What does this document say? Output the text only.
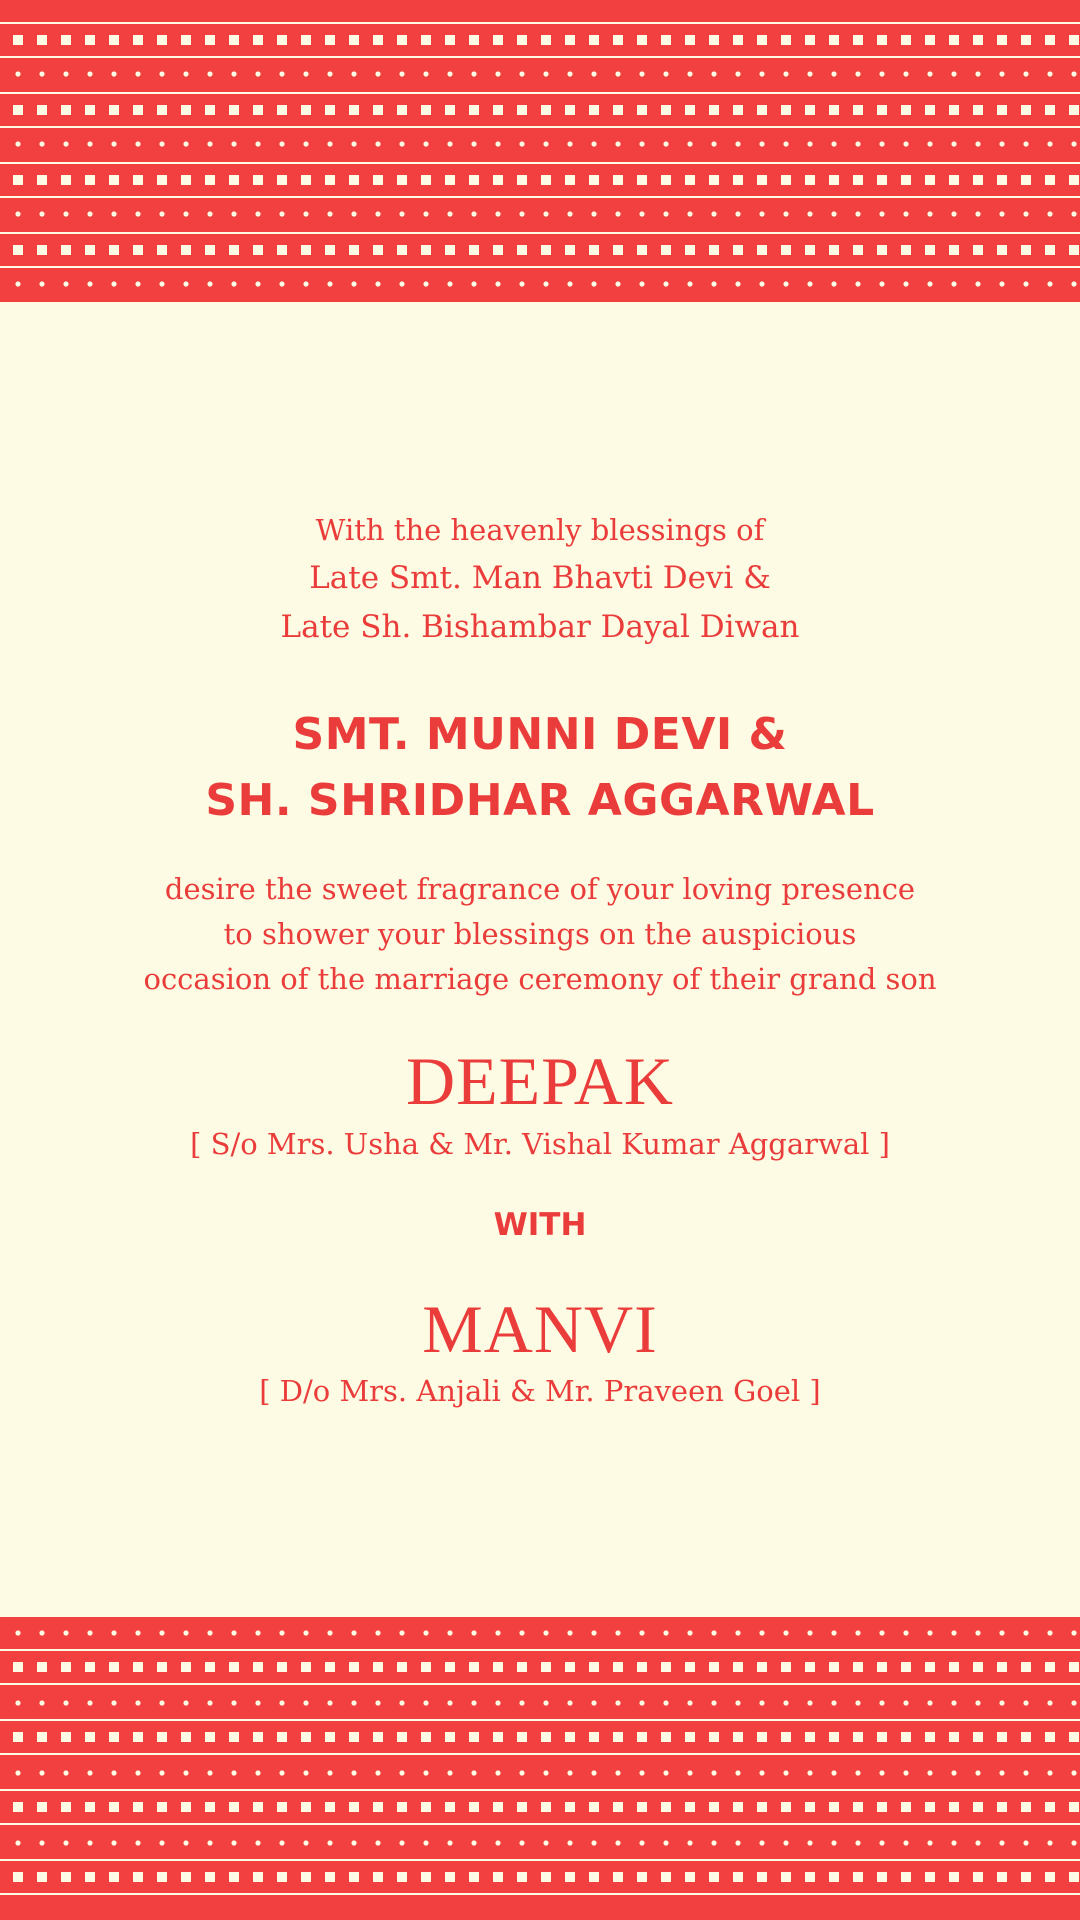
With the heavenly blessings of

Late Smt. Man Bhavti Devi &

Late Sh. Bishambar Dayal Diwan

SMT. MUNNI DEVI &

SH. SHRIDHAR AGGARWAL

desire the sweet fragrance of your loving presence

to shower your blessings on the auspicious

occasion of the marriage ceremony of their grand son

DEEPAK

[ S/o Mrs. Usha & Mr. Vishal Kumar Aggarwal ]

WITH

MANVI

[ D/o Mrs. Anjali & Mr. Praveen Goel ]
